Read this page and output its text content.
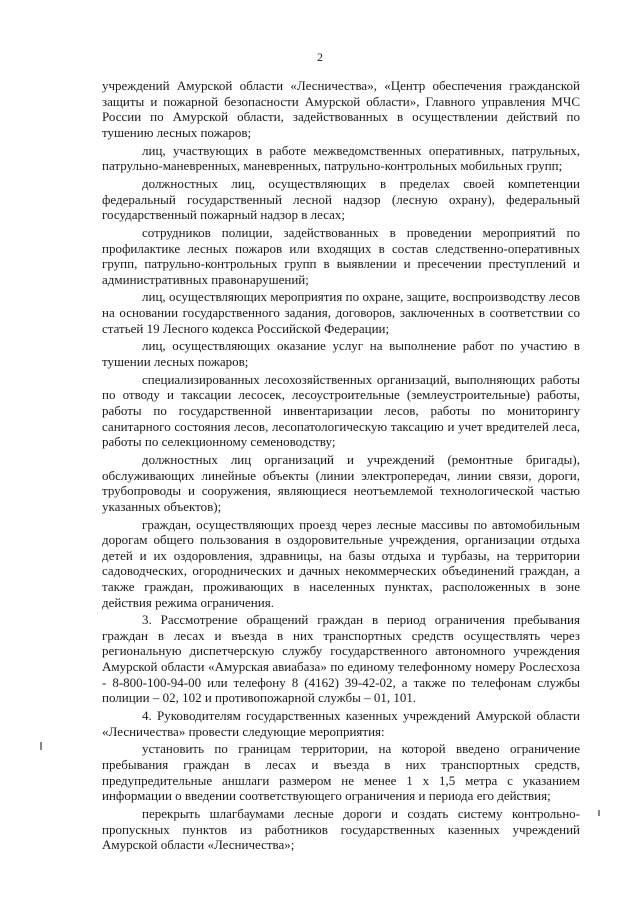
2

учреждений Амурской области «Лесничества», «Центр обеспечения гражданской защиты и пожарной безопасности Амурской области», Главного управления МЧС России по Амурской области, задействованных в осуществлении действий по тушению лесных пожаров;

лиц, участвующих в работе межведомственных оперативных, патрульных, патрульно-маневренных, маневренных, патрульно-контрольных мобильных групп;

должностных лиц, осуществляющих в пределах своей компетенции федеральный государственный лесной надзор (лесную охрану), федеральный государственный пожарный надзор в лесах;

сотрудников полиции, задействованных в проведении мероприятий по профилактике лесных пожаров или входящих в состав следственно-оперативных групп, патрульно-контрольных групп в выявлении и пресечении преступлений и административных правонарушений;

лиц, осуществляющих мероприятия по охране, защите, воспроизводству лесов на основании государственного задания, договоров, заключенных в соответствии со статьей 19 Лесного кодекса Российской Федерации;

лиц, осуществляющих оказание услуг на выполнение работ по участию в тушении лесных пожаров;

специализированных лесохозяйственных организаций, выполняющих работы по отводу и таксации лесосек, лесоустроительные (землеустроительные) работы, работы по государственной инвентаризации лесов, работы по мониторингу санитарного состояния лесов, лесопатологическую таксацию и учет вредителей леса, работы по селекционному семеноводству;

должностных лиц организаций и учреждений (ремонтные бригады), обслуживающих линейные объекты (линии электропередач, линии связи, дороги, трубопроводы и сооружения, являющиеся неотъемлемой технологической частью указанных объектов);

граждан, осуществляющих проезд через лесные массивы по автомобильным дорогам общего пользования в оздоровительные учреждения, организации отдыха детей и их оздоровления, здравницы, на базы отдыха и турбазы, на территории садоводческих, огороднических и дачных некоммерческих объединений граждан, а также граждан, проживающих в населенных пунктах, расположенных в зоне действия режима ограничения.

3. Рассмотрение обращений граждан в период ограничения пребывания граждан в лесах и въезда в них транспортных средств осуществлять через региональную диспетчерскую службу государственного автономного учреждения Амурской области «Амурская авиабаза» по единому телефонному номеру Рослесхоза - 8-800-100-94-00 или телефону 8 (4162) 39-42-02, а также по телефонам службы полиции – 02, 102 и противопожарной службы – 01, 101.

4. Руководителям государственных казенных учреждений Амурской области «Лесничества» провести следующие мероприятия:

установить по границам территории, на которой введено ограничение пребывания граждан в лесах и въезда в них транспортных средств, предупредительные аншлаги размером не менее 1 х 1,5 метра с указанием информации о введении соответствующего ограничения и периода его действия;

перекрыть шлагбаумами лесные дороги и создать систему контрольно-пропускных пунктов из работников государственных казенных учреждений Амурской области «Лесничества»;
